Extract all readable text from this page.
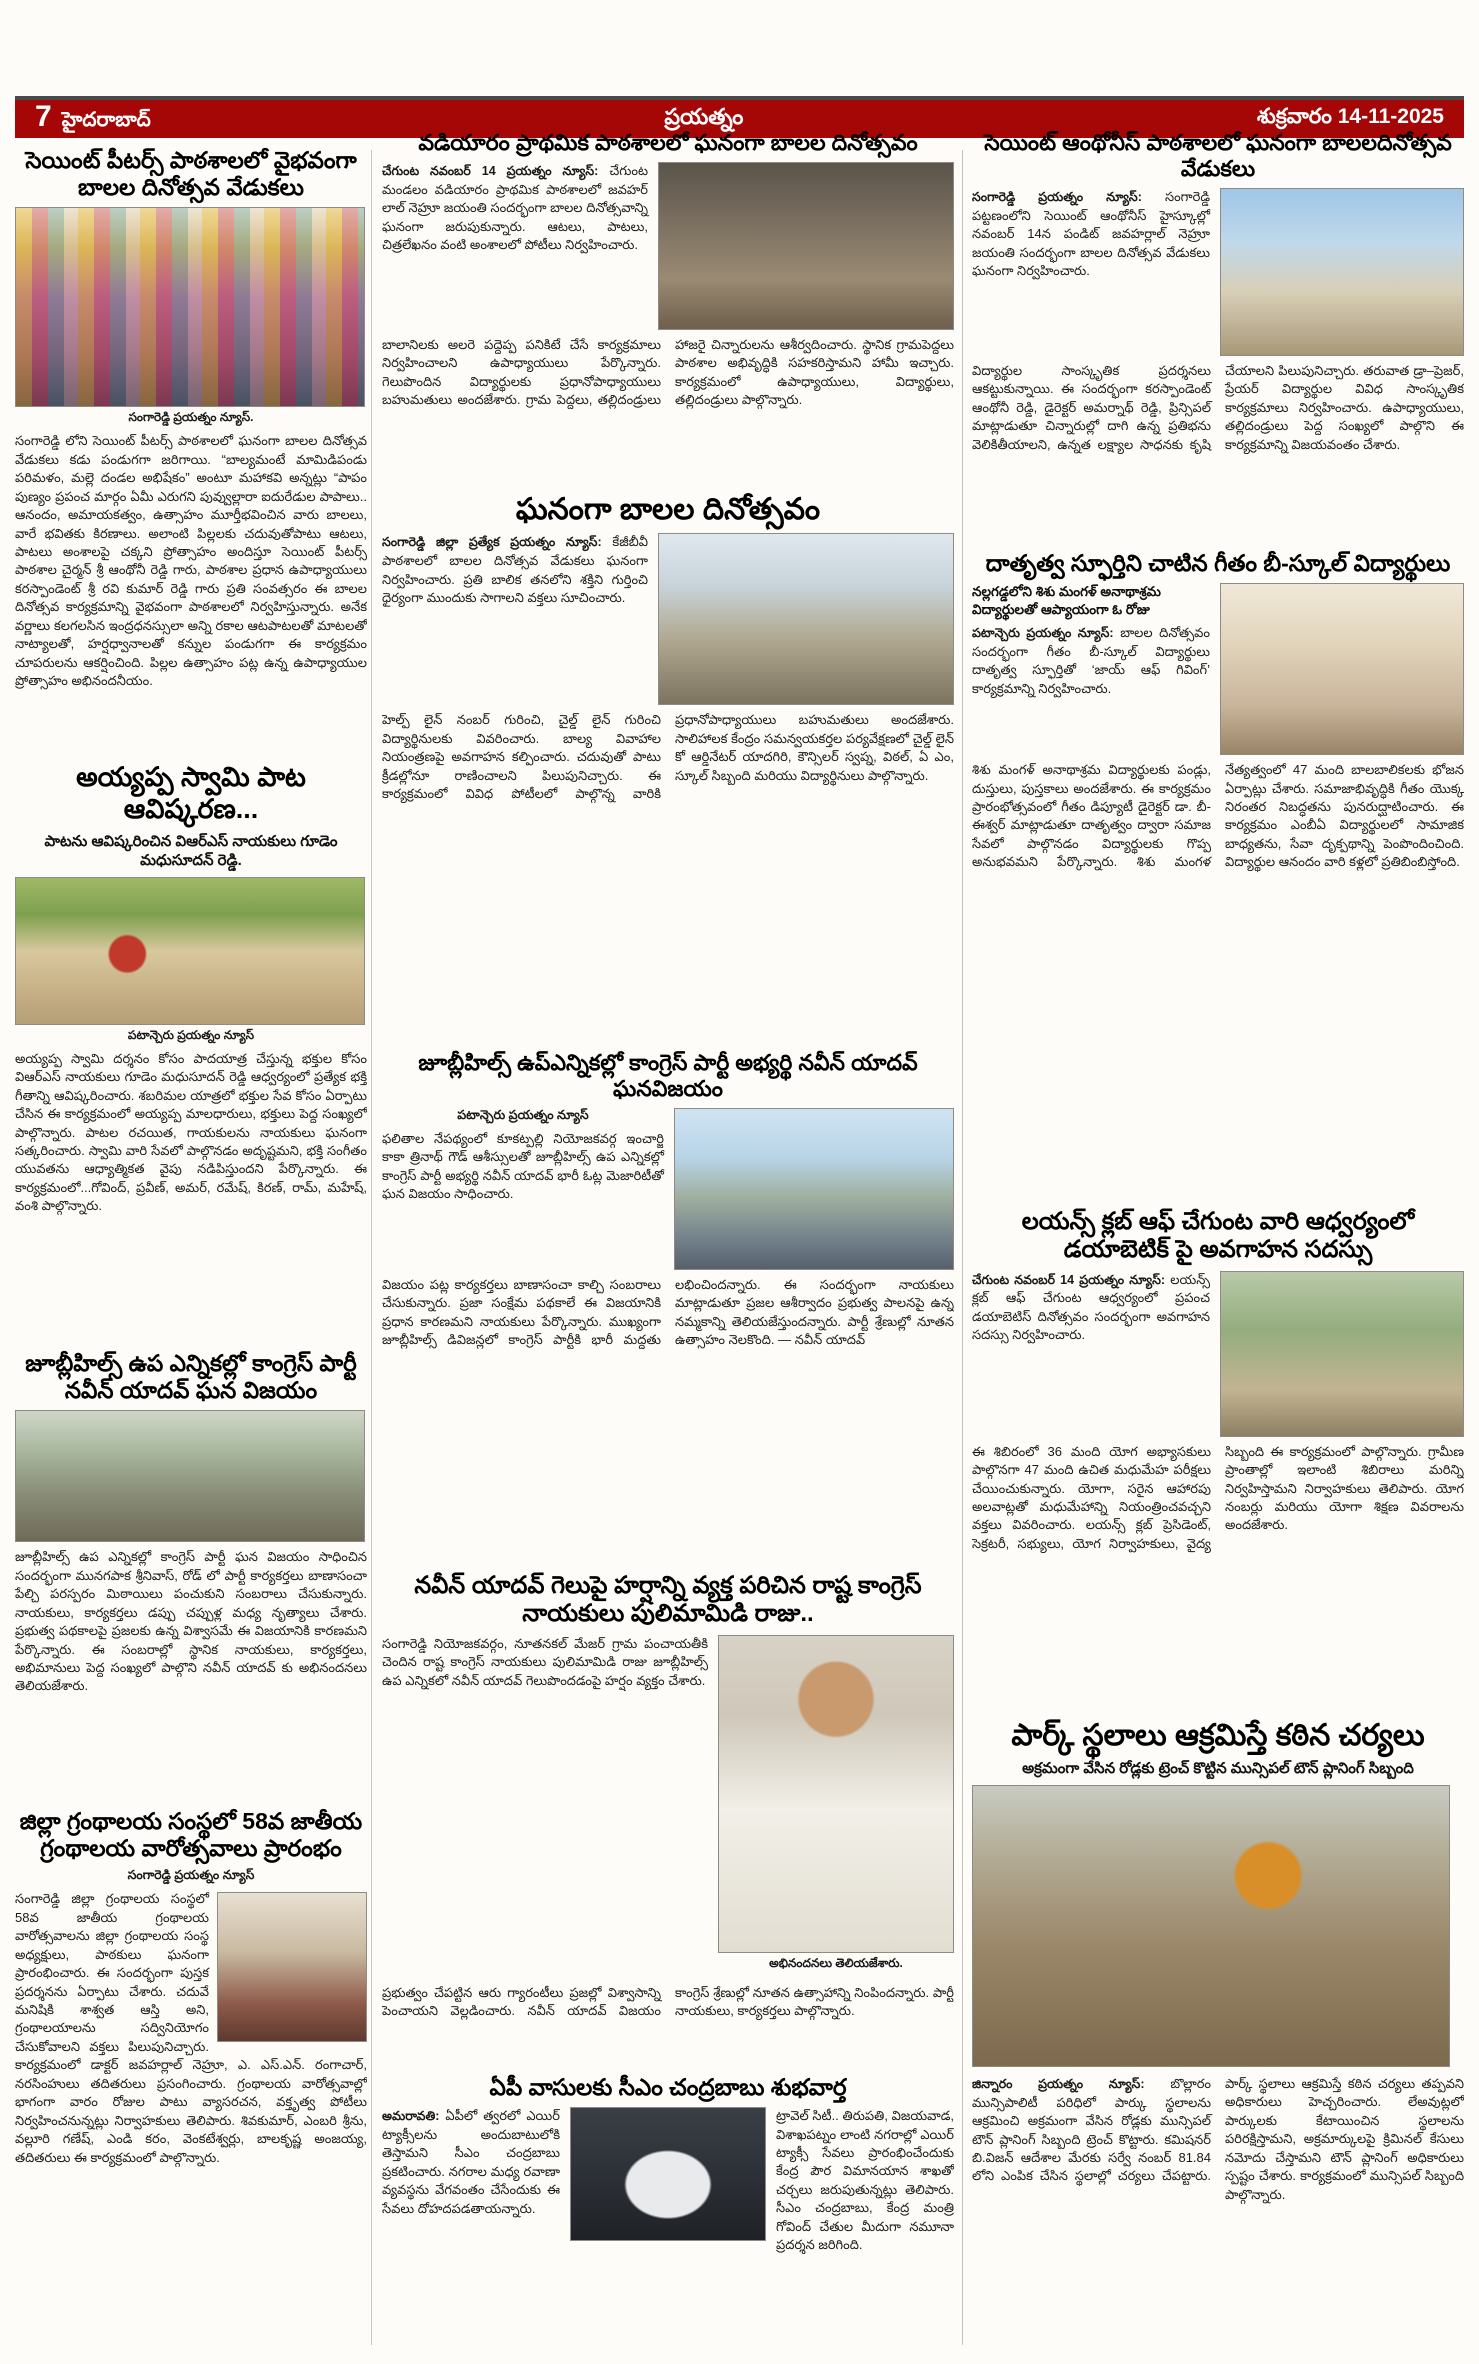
7 హైదరాబాద్	ప్రయత్నం	శుక్రవారం 14-11-2025
సెయింట్ పీటర్స్ పాఠశాలలో వైభవంగా బాలల దినోత్సవ వేడుకలు

సంగారెడ్డి ప్రయత్నం న్యూస్.

సంగారెడ్డి లోని సెయింట్ పీటర్స్ పాఠశాలలో ఘనంగా బాలల దినోత్సవ వేడుకలు కడు పండుగగా జరిగాయి. “బాల్యమంటే మామిడిపండు పరిమళం, మల్లె దండల అభిషేకం” అంటూ మహాకవి అన్నట్లు “పాపం పుణ్యం ప్రపంచ మార్గం ఏమీ ఎరుగని పువ్వుల్లారా ఐదురేడుల పాపాలు.. ఆనందం, అమాయకత్వం, ఉత్సాహం మూర్తీభవించిన వారు బాలలు, వారే భవితకు కిరణాలు. అలాంటి పిల్లలకు చదువుతోపాటు ఆటలు, పాటలు అంశాలపై చక్కని ప్రోత్సాహం అందిస్తూ సెయింట్ పీటర్స్ పాఠశాల చైర్మన్ శ్రీ ఆంథోనీ రెడ్డి గారు, పాఠశాల ప్రధాన ఉపాధ్యాయులు కరస్పాండెంట్ శ్రీ రవి కుమార్ రెడ్డి గారు ప్రతి సంవత్సరం ఈ బాలల దినోత్సవ కార్యక్రమాన్ని వైభవంగా పాఠశాలలో నిర్వహిస్తున్నారు. అనేక వర్ణాలు కలగలసిన ఇంద్రధనస్సులా అన్ని రకాల ఆటపాటలతో మాటలతో నాట్యాలతో, హర్షధ్వానాలతో కన్నుల పండుగగా ఈ కార్యక్రమం చూపరులను ఆకర్షించింది. పిల్లల ఉత్సాహం పట్ల ఉన్న ఉపాధ్యాయుల ప్రోత్సాహం అభినందనీయం.

అయ్యప్ప స్వామి పాట ఆవిష్కరణ...

పాటను ఆవిష్కరించిన విఆర్ఎస్ నాయకులు గూడెం మధుసూదన్ రెడ్డి.

పటాన్చెరు ప్రయత్నం న్యూస్

అయ్యప్ప స్వామి దర్శనం కోసం పాదయాత్ర చేస్తున్న భక్తుల కోసం విఆర్ఎస్ నాయకులు గూడెం మధుసూదన్ రెడ్డి ఆధ్వర్యంలో ప్రత్యేక భక్తి గీతాన్ని ఆవిష్కరించారు. శబరిమల యాత్రలో భక్తుల సేవ కోసం ఏర్పాటు చేసిన ఈ కార్యక్రమంలో అయ్యప్ప మాలధారులు, భక్తులు పెద్ద సంఖ్యలో పాల్గొన్నారు. పాటల రచయిత, గాయకులను నాయకులు ఘనంగా సత్కరించారు. స్వామి వారి సేవలో పాల్గొనడం అదృష్టమని, భక్తి సంగీతం యువతను ఆధ్యాత్మికత వైపు నడిపిస్తుందని పేర్కొన్నారు. ఈ కార్యక్రమంలో...గోవింద్, ప్రవీణ్, అమర్, రమేష్, కిరణ్, రామ్, మహేష్, వంశి పాల్గొన్నారు.

జూబ్లీహిల్స్ ఉప ఎన్నికల్లో కాంగ్రెస్ పార్టీ నవీన్ యాదవ్ ఘన విజయం

జూబ్లీహిల్స్ ఉప ఎన్నికల్లో కాంగ్రెస్ పార్టీ ఘన విజయం సాధించిన సందర్భంగా మునగపాక శ్రీనివాస్, రోడ్ లో పార్టీ కార్యకర్తలు బాణాసంచా పేల్చి పరస్పరం మిఠాయిలు పంచుకుని సంబరాలు చేసుకున్నారు. నాయకులు, కార్యకర్తలు డప్పు చప్పుళ్ల మధ్య నృత్యాలు చేశారు. ప్రభుత్వ పథకాలపై ప్రజలకు ఉన్న విశ్వాసమే ఈ విజయానికి కారణమని పేర్కొన్నారు. ఈ సంబరాల్లో స్థానిక నాయకులు, కార్యకర్తలు, అభిమానులు పెద్ద సంఖ్యలో పాల్గొని నవీన్ యాదవ్ కు అభినందనలు తెలియజేశారు.

జిల్లా గ్రంథాలయ సంస్థలో 58వ జాతీయ గ్రంథాలయ వారోత్సవాలు ప్రారంభం

సంగారెడ్డి ప్రయత్నం న్యూస్

సంగారెడ్డి జిల్లా గ్రంథాలయ సంస్థలో 58వ జాతీయ గ్రంథాలయ వారోత్సవాలను జిల్లా గ్రంథాలయ సంస్థ అధ్యక్షులు, పాఠకులు ఘనంగా ప్రారంభించారు. ఈ సందర్భంగా పుస్తక ప్రదర్శనను ఏర్పాటు చేశారు. చదువే మనిషికి శాశ్వత ఆస్తి అని, గ్రంథాలయాలను సద్వినియోగం చేసుకోవాలని వక్తలు పిలుపునిచ్చారు. కార్యక్రమంలో డాక్టర్ జవహర్లాల్ నెహ్రూ, ఎ. ఎస్.ఎన్. రంగాచార్, నరసింహులు తదితరులు ప్రసంగించారు. గ్రంథాలయ వారోత్సవాల్లో భాగంగా వారం రోజుల పాటు వ్యాసరచన, వక్తృత్వ పోటీలు నిర్వహించనున్నట్లు నిర్వాహకులు తెలిపారు. శివకుమార్, ఎంబరి శ్రీను, వల్లూరి గణేష్, ఎండి కరం, వెంకటేశ్వర్లు, బాలకృష్ణ అంజయ్య, తదితరులు ఈ కార్యక్రమంలో పాల్గొన్నారు.

వడియారం ప్రాథమిక పాఠశాలలో ఘనంగా బాలల దినోత్సవం

చేగుంట నవంబర్ 14 ప్రయత్నం న్యూస్: చేగుంట మండలం వడియారం ప్రాథమిక పాఠశాలలో జవహర్ లాల్ నెహ్రూ జయంతి సందర్భంగా బాలల దినోత్సవాన్ని ఘనంగా జరుపుకున్నారు. ఆటలు, పాటలు, చిత్రలేఖనం వంటి అంశాలలో పోటీలు నిర్వహించారు.

బాలానిలకు అలరె పద్దెప్ప పనికిటే చేసే కార్యక్రమాలు నిర్వహించాలని ఉపాధ్యాయులు పేర్కొన్నారు. గెలుపొందిన విద్యార్థులకు ప్రధానోపాధ్యాయులు బహుమతులు అందజేశారు. గ్రామ పెద్దలు, తల్లిదండ్రులు హాజరై చిన్నారులను ఆశీర్వదించారు. స్థానిక గ్రామపెద్దలు పాఠశాల అభివృద్ధికి సహకరిస్తామని హామీ ఇచ్చారు. కార్యక్రమంలో ఉపాధ్యాయులు, విద్యార్థులు, తల్లిదండ్రులు పాల్గొన్నారు.
ఘనంగా బాలల దినోత్సవం

సంగారెడ్డి జిల్లా ప్రత్యేక ప్రయత్నం న్యూస్: కేజీబీవీ పాఠశాలలో బాలల దినోత్సవ వేడుకలు ఘనంగా నిర్వహించారు. ప్రతి బాలిక తనలోని శక్తిని గుర్తించి ధైర్యంగా ముందుకు సాగాలని వక్తలు సూచించారు.

హెల్ప్ లైన్ నంబర్ గురించి, చైల్డ్ లైన్ గురించి విద్యార్థినులకు వివరించారు. బాల్య వివాహాల నియంత్రణపై అవగాహన కల్పించారు. చదువుతో పాటు క్రీడల్లోనూ రాణించాలని పిలుపునిచ్చారు. ఈ కార్యక్రమంలో వివిధ పోటీలలో పాల్గొన్న వారికి ప్రధానోపాధ్యాయులు బహుమతులు అందజేశారు. సాలిహాలక కేంద్రం సమన్వయకర్తల పర్యవేక్షణలో చైల్డ్ లైన్ కో ఆర్డినేటర్ యాదగిరి, కౌన్సిలర్ స్వప్న, విఠల్, ఏ ఎం, స్కూల్ సిబ్బంది మరియు విద్యార్థినులు పాల్గొన్నారు.
జూబ్లీహిల్స్ ఉప్ఎన్నికల్లో కాంగ్రెస్ పార్టీ అభ్యర్థి నవీన్ యాదవ్ ఘనవిజయం

పటాన్చెరు ప్రయత్నం న్యూస్

ఫలితాల నేపథ్యంలో కూకట్పల్లి నియోజకవర్గ ఇంచార్జి కాకా త్రినాథ్ గౌడ్ ఆశీస్సులతో జూబ్లీహిల్స్ ఉప ఎన్నికల్లో కాంగ్రెస్ పార్టీ అభ్యర్థి నవీన్ యాదవ్ భారీ ఓట్ల మెజారిటీతో ఘన విజయం సాధించారు.

విజయం పట్ల కార్యకర్తలు బాణాసంచా కాల్చి సంబరాలు చేసుకున్నారు. ప్రజా సంక్షేమ పథకాలే ఈ విజయానికి ప్రధాన కారణమని నాయకులు పేర్కొన్నారు. ముఖ్యంగా జూబ్లీహిల్స్ డివిజన్లలో కాంగ్రెస్ పార్టీకి భారీ మద్దతు లభించిందన్నారు. ఈ సందర్భంగా నాయకులు మాట్లాడుతూ ప్రజల ఆశీర్వాదం ప్రభుత్వ పాలనపై ఉన్న నమ్మకాన్ని తెలియజేస్తుందన్నారు. పార్టీ శ్రేణుల్లో నూతన ఉత్సాహం నెలకొంది. — నవీన్ యాదవ్
నవీన్ యాదవ్ గెలుపై హర్షాన్ని వ్యక్త పరిచిన రాష్ట కాంగ్రెస్ నాయకులు పులిమామిడి రాజు..

సంగారెడ్డి నియోజకవర్గం, నూతనకల్ మేజర్ గ్రామ పంచాయతీకి చెందిన రాష్ట కాంగ్రెస్ నాయకులు పులిమామిడి రాజు జూబ్లీహిల్స్ ఉప ఎన్నికలో నవీన్ యాదవ్ గెలుపొందడంపై హర్షం వ్యక్తం చేశారు.

అభినందనలు తెలియజేశారు.

ప్రభుత్వం చేపట్టిన ఆరు గ్యారంటీలు ప్రజల్లో విశ్వాసాన్ని పెంచాయని వెల్లడించారు. నవీన్ యాదవ్ విజయం కాంగ్రెస్ శ్రేణుల్లో నూతన ఉత్సాహాన్ని నింపిందన్నారు. పార్టీ నాయకులు, కార్యకర్తలు పాల్గొన్నారు.
ఏపీ వాసులకు సీఎం చంద్రబాబు శుభవార్త

అమరావతి: ఏపీలో త్వరలో ఎయిర్ ట్యాక్సీలను అందుబాటులోకి తెస్తామని సీఎం చంద్రబాబు ప్రకటించారు. నగరాల మధ్య రవాణా వ్యవస్థను వేగవంతం చేసేందుకు ఈ సేవలు దోహదపడతాయన్నారు.

ట్రావెల్ సిటీ.. తిరుపతి, విజయవాడ, విశాఖపట్నం లాంటి నగరాల్లో ఎయిర్ ట్యాక్సీ సేవలు ప్రారంభించేందుకు కేంద్ర పౌర విమానయాన శాఖతో చర్చలు జరుపుతున్నట్లు తెలిపారు. సీఎం చంద్రబాబు, కేంద్ర మంత్రి గోవింద్ చేతుల మీదుగా నమూనా ప్రదర్శన జరిగింది.

సెయింట్ ఆంథోనీస్ పాఠశాలలో ఘనంగా బాలలదినోత్సవ వేడుకలు

సంగారెడ్డి ప్రయత్నం న్యూస్: సంగారెడ్డి పట్టణంలోని సెయింట్ ఆంథోనీస్ హైస్కూల్లో నవంబర్ 14న పండిట్ జవహర్లాల్ నెహ్రూ జయంతి సందర్భంగా బాలల దినోత్సవ వేడుకలు ఘనంగా నిర్వహించారు.

విద్యార్థుల సాంస్కృతిక ప్రదర్శనలు ఆకట్టుకున్నాయి. ఈ సందర్భంగా కరస్పాండెంట్ ఆంథోనీ రెడ్డి, డైరెక్టర్ అమర్నాథ్ రెడ్డి, ప్రిన్సిపల్ మాట్లాడుతూ చిన్నారుల్లో దాగి ఉన్న ప్రతిభను వెలికితీయాలని, ఉన్నత లక్ష్యాల సాధనకు కృషి చేయాలని పిలుపునిచ్చారు. తరువాత డ్రా–ప్రెజర్, ప్రేయర్ విద్యార్థుల వివిధ సాంస్కృతిక కార్యక్రమాలు నిర్వహించారు. ఉపాధ్యాయులు, తల్లిదండ్రులు పెద్ద సంఖ్యలో పాల్గొని ఈ కార్యక్రమాన్ని విజయవంతం చేశారు.
దాతృత్వ స్ఫూర్తిని చాటిన గీతం బీ-స్కూల్ విద్యార్థులు

నల్లగడ్డలోని శిశు మంగళ్ అనాథాశ్రమ విద్యార్థులతో ఆప్యాయంగా ఓ రోజు

పటాన్చెరు ప్రయత్నం న్యూస్: బాలల దినోత్సవం సందర్భంగా గీతం బీ-స్కూల్ విద్యార్థులు దాతృత్వ స్ఫూర్తితో ‘జాయ్ ఆఫ్ గివింగ్’ కార్యక్రమాన్ని నిర్వహించారు.

శిశు మంగళ్ అనాథాశ్రమ విద్యార్థులకు పండ్లు, దుస్తులు, పుస్తకాలు అందజేశారు. ఈ కార్యక్రమం ప్రారంభోత్సవంలో గీతం డిప్యూటీ డైరెక్టర్ డా. బీ-ఈశ్వర్ మాట్లాడుతూ దాతృత్వం ద్వారా సమాజ సేవలో పాల్గొనడం విద్యార్థులకు గొప్ప అనుభవమని పేర్కొన్నారు. శిశు మంగళ నేత్యత్వంలో 47 మంది బాలబాలికలకు భోజన ఏర్పాట్లు చేశారు. సమాజాభివృద్ధికి గీతం యొక్క నిరంతర నిబద్ధతను పునరుద్ఘాటించారు. ఈ కార్యక్రమం ఎంబీఏ విద్యార్థులలో సామాజిక బాధ్యతను, సేవా దృక్పథాన్ని పెంపొందించింది. విద్యార్థుల ఆనందం వారి కళ్లలో ప్రతిబింబిస్తోంది.
లయన్స్ క్లబ్ ఆఫ్ చేగుంట వారి ఆధ్వర్యంలో డయాబెటిక్ పై అవగాహన సదస్సు

చేగుంట నవంబర్ 14 ప్రయత్నం న్యూస్: లయన్స్ క్లబ్ ఆఫ్ చేగుంట ఆధ్వర్యంలో ప్రపంచ డయాబెటిస్ దినోత్సవం సందర్భంగా అవగాహన సదస్సు నిర్వహించారు.

ఈ శిబిరంలో 36 మంది యోగ అభ్యాసకులు పాల్గొనగా 47 మంది ఉచిత మధుమేహ పరీక్షలు చేయించుకున్నారు. యోగా, సరైన ఆహారపు అలవాట్లతో మధుమేహాన్ని నియంత్రించవచ్చని వక్తలు వివరించారు. లయన్స్ క్లబ్ ప్రెసిడెంట్, సెక్రటరీ, సభ్యులు, యోగ నిర్వాహకులు, వైద్య సిబ్బంది ఈ కార్యక్రమంలో పాల్గొన్నారు. గ్రామీణ ప్రాంతాల్లో ఇలాంటి శిబిరాలు మరిన్ని నిర్వహిస్తామని నిర్వాహకులు తెలిపారు. యోగ నంబర్లు మరియు యోగా శిక్షణ వివరాలను అందజేశారు.
పార్క్ స్థలాలు ఆక్రమిస్తే కఠిన చర్యలు

అక్రమంగా వేసిన రోడ్లకు ట్రెంచ్ కొట్టిన మున్సిపల్ టౌన్ ప్లానింగ్ సిబ్బంది

జిన్నారం ప్రయత్నం న్యూస్: బొల్లారం మున్సిపాలిటీ పరిధిలో పార్కు స్థలాలను ఆక్రమించి అక్రమంగా వేసిన రోడ్లకు మున్సిపల్ టౌన్ ప్లానింగ్ సిబ్బంది ట్రెంచ్ కొట్టారు. కమిషనర్ బి.విజన్ ఆదేశాల మేరకు సర్వే నంబర్ 81.84 లోని ఎంపిక చేసిన స్థలాల్లో చర్యలు చేపట్టారు. పార్క్ స్థలాలు ఆక్రమిస్తే కఠిన చర్యలు తప్పవని అధికారులు హెచ్చరించారు. లేఅవుట్లలో పార్కులకు కేటాయించిన స్థలాలను పరిరక్షిస్తామని, అక్రమార్కులపై క్రిమినల్ కేసులు నమోదు చేస్తామని టౌన్ ప్లానింగ్ అధికారులు స్పష్టం చేశారు. కార్యక్రమంలో మున్సిపల్ సిబ్బంది పాల్గొన్నారు.
